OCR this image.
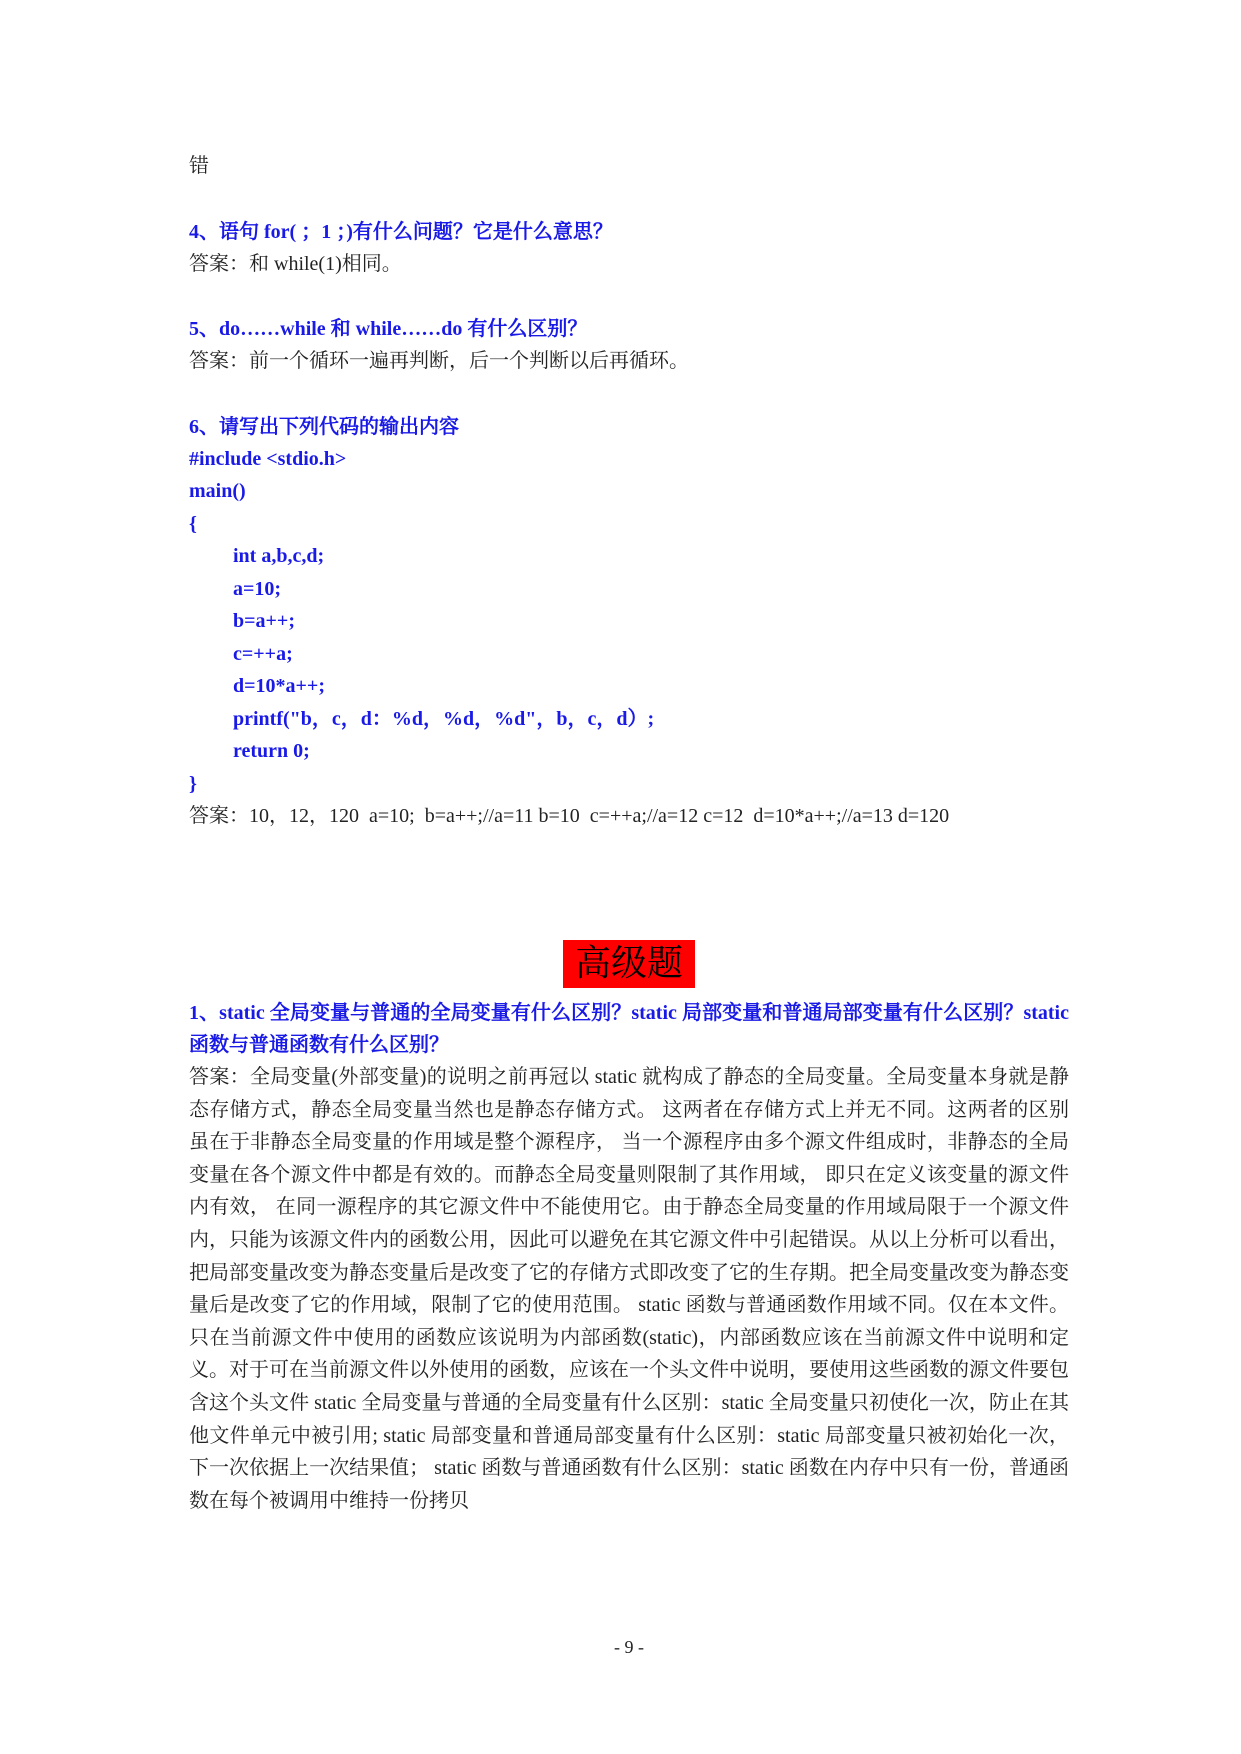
错
4、语句 for( ；1 ；)有什么问题？它是什么意思？
答案：和 while(1)相同。
5、do……while 和 while……do 有什么区别？
答案：前一个循环一遍再判断，后一个判断以后再循环。
6、请写出下列代码的输出内容
#include <stdio.h>
main()
{
int a,b,c,d;
a=10;
b=a++;
c=++a;
d=10*a++;
printf("b，c，d：%d，%d，%d"，b，c，d）;
return 0;
}
答案：10，12，120  a=10;  b=a++;//a=11 b=10  c=++a;//a=12 c=12  d=10*a++;//a=13 d=120
高级题
1、static 全局变量与普通的全局变量有什么区别？static 局部变量和普通局部变量有什么区别？static 函数与普通函数有什么区别？
答案：全局变量(外部变量)的说明之前再冠以 static 就构成了静态的全局变量。全局变量本身就是静态存储方式，静态全局变量当然也是静态存储方式。 这两者在存储方式上并无不同。这两者的区别虽在于非静态全局变量的作用域是整个源程序， 当一个源程序由多个源文件组成时，非静态的全局变量在各个源文件中都是有效的。而静态全局变量则限制了其作用域， 即只在定义该变量的源文件内有效， 在同一源程序的其它源文件中不能使用它。由于静态全局变量的作用域局限于一个源文件内，只能为该源文件内的函数公用，因此可以避免在其它源文件中引起错误。从以上分析可以看出， 把局部变量改变为静态变量后是改变了它的存储方式即改变了它的生存期。把全局变量改变为静态变量后是改变了它的作用域，限制了它的使用范围。 static 函数与普通函数作用域不同。仅在本文件。只在当前源文件中使用的函数应该说明为内部函数(static)，内部函数应该在当前源文件中说明和定义。对于可在当前源文件以外使用的函数，应该在一个头文件中说明，要使用这些函数的源文件要包含这个头文件 static 全局变量与普通的全局变量有什么区别：static 全局变量只初使化一次，防止在其他文件单元中被引用; static 局部变量和普通局部变量有什么区别：static 局部变量只被初始化一次，下一次依据上一次结果值； static 函数与普通函数有什么区别：static 函数在内存中只有一份，普通函数在每个被调用中维持一份拷贝
- 9 -
